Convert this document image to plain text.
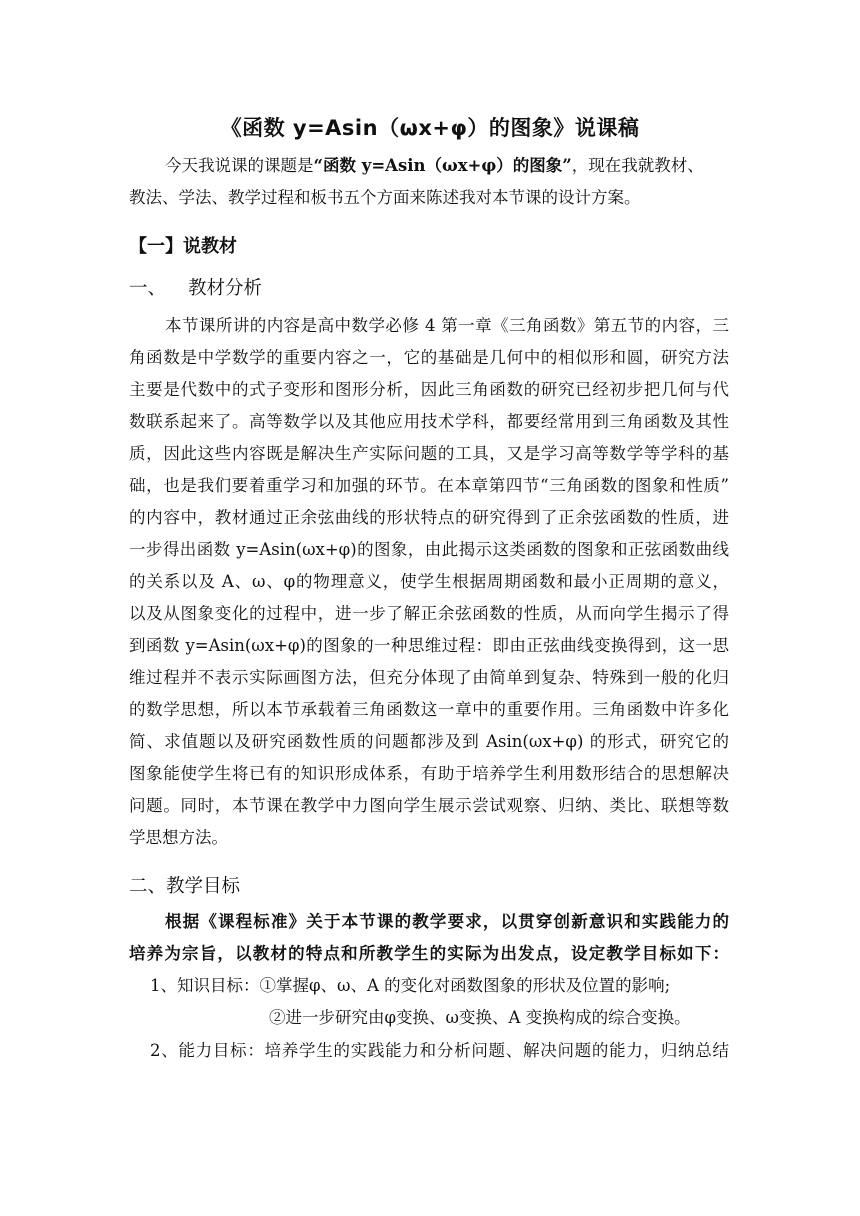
《函数 y=Asin（ωx+φ）的图象》说课稿
今天我说课的课题是“函数 y=Asin（ωx+φ）的图象”，现在我就教材、
教法、学法、教学过程和板书五个方面来陈述我对本节课的设计方案。
【一】说教材
一、 教材分析
本节课所讲的内容是高中数学必修 4 第一章《三角函数》第五节的内容，三
角函数是中学数学的重要内容之一，它的基础是几何中的相似形和圆，研究方法
主要是代数中的式子变形和图形分析，因此三角函数的研究已经初步把几何与代
数联系起来了。高等数学以及其他应用技术学科，都要经常用到三角函数及其性
质，因此这些内容既是解决生产实际问题的工具，又是学习高等数学等学科的基
础，也是我们要着重学习和加强的环节。在本章第四节“三角函数的图象和性质”
的内容中，教材通过正余弦曲线的形状特点的研究得到了正余弦函数的性质，进
一步得出函数 y=Asin(ωx+φ)的图象，由此揭示这类函数的图象和正弦函数曲线
的关系以及 A、ω、φ的物理意义，使学生根据周期函数和最小正周期的意义，
以及从图象变化的过程中，进一步了解正余弦函数的性质，从而向学生揭示了得
到函数 y=Asin(ωx+φ)的图象的一种思维过程：即由正弦曲线变换得到，这一思
维过程并不表示实际画图方法，但充分体现了由简单到复杂、特殊到一般的化归
的数学思想，所以本节承载着三角函数这一章中的重要作用。三角函数中许多化
简、求值题以及研究函数性质的问题都涉及到 Asin(ωx+φ) 的形式，研究它的
图象能使学生将已有的知识形成体系，有助于培养学生利用数形结合的思想解决
问题。同时，本节课在教学中力图向学生展示尝试观察、归纳、类比、联想等数
学思想方法。
二、教学目标
根据《课程标准》关于本节课的教学要求，以贯穿创新意识和实践能力的
培养为宗旨，以教材的特点和所教学生的实际为出发点，设定教学目标如下：
1、知识目标：①掌握φ、ω、A 的变化对函数图象的形状及位置的影响;
②进一步研究由φ变换、ω变换、A 变换构成的综合变换。
2、能力目标：培养学生的实践能力和分析问题、解决问题的能力，归纳总结
